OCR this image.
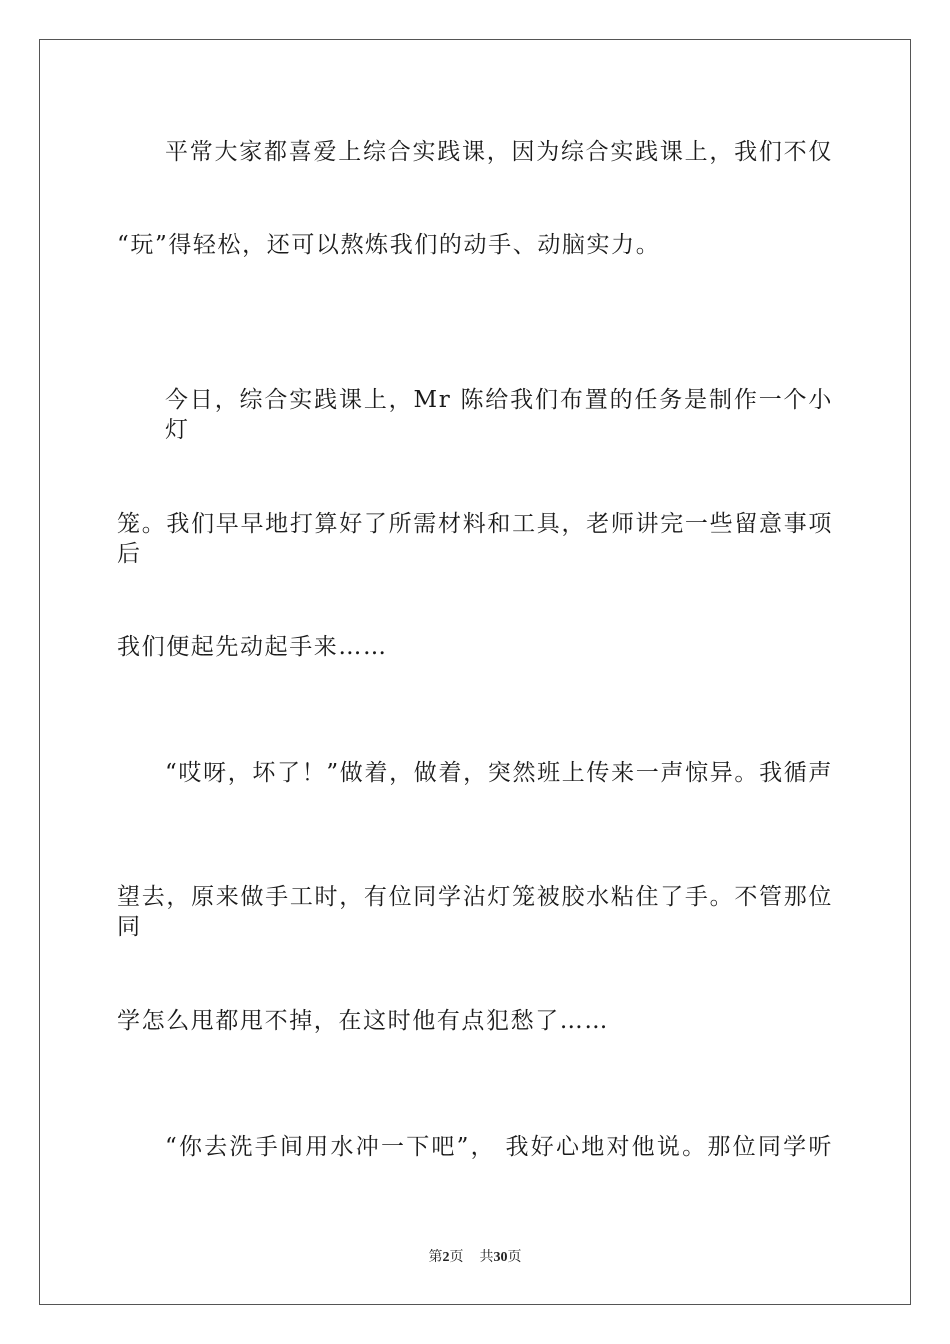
平常大家都喜爱上综合实践课，因为综合实践课上，我们不仅
“玩”得轻松，还可以熬炼我们的动手、动脑实力。
今日，综合实践课上，Mr 陈给我们布置的任务是制作一个小灯
笼。我们早早地打算好了所需材料和工具，老师讲完一些留意事项后
我们便起先动起手来……
“哎呀，坏了！”做着，做着，突然班上传来一声惊异。我循声
望去，原来做手工时，有位同学沾灯笼被胶水粘住了手。不管那位同
学怎么甩都甩不掉，在这时他有点犯愁了……
“你去洗手间用水冲一下吧”， 我好心地对他说。那位同学听
第2页 共30页
